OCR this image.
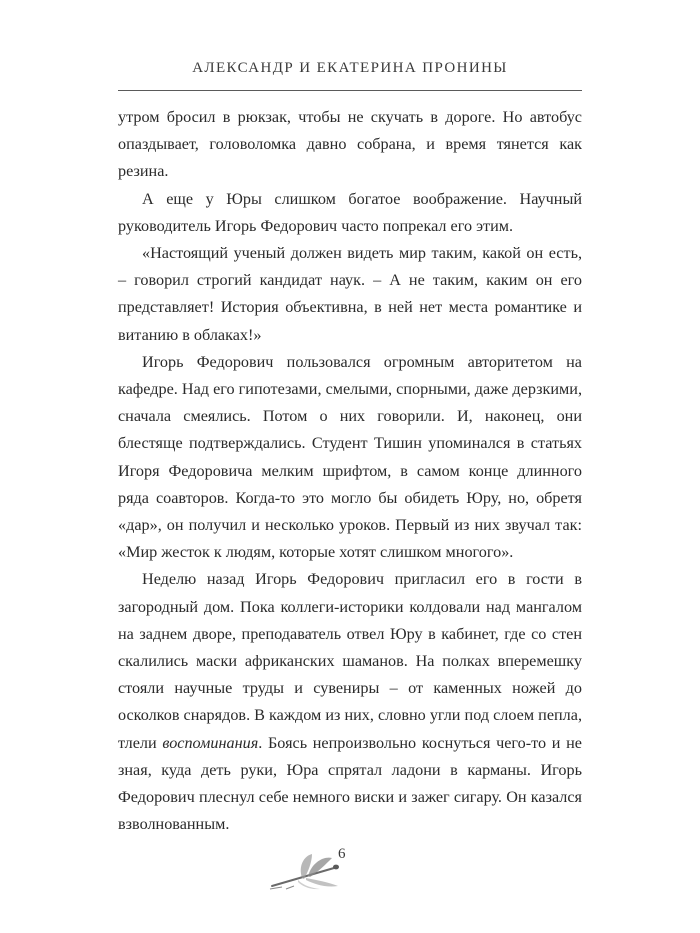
АЛЕКСАНДР И ЕКАТЕРИНА ПРОНИНЫ

утром бросил в рюкзак, чтобы не скучать в дороге. Но автобус опаздывает, головоломка давно собрана, и время тянется как резина.

А еще у Юры слишком богатое воображение. Научный руководитель Игорь Федорович часто попрекал его этим.

«Настоящий ученый должен видеть мир таким, какой он есть, – говорил строгий кандидат наук. – А не таким, каким он его представляет! История объективна, в ней нет места романтике и витанию в облаках!»

Игорь Федорович пользовался огромным авторитетом на кафедре. Над его гипотезами, смелыми, спорными, даже дерзкими, сначала смеялись. Потом о них говорили. И, наконец, они блестяще подтверждались. Студент Тишин упоминался в статьях Игоря Федоровича мелким шрифтом, в самом конце длинного ряда соавторов. Когда-то это могло бы обидеть Юру, но, обретя «дар», он получил и несколько уроков. Первый из них звучал так: «Мир жесток к людям, которые хотят слишком многого».

Неделю назад Игорь Федорович пригласил его в гости в загородный дом. Пока коллеги-историки колдовали над мангалом на заднем дворе, преподаватель отвел Юру в кабинет, где со стен скалились маски африканских шаманов. На полках вперемешку стояли научные труды и сувениры – от каменных ножей до осколков снарядов. В каждом из них, словно угли под слоем пепла, тлели воспоминания. Боясь непроизвольно коснуться чего-то и не зная, куда деть руки, Юра спрятал ладони в карманы. Игорь Федорович плеснул себе немного виски и зажег сигару. Он казался взволнованным.

6
